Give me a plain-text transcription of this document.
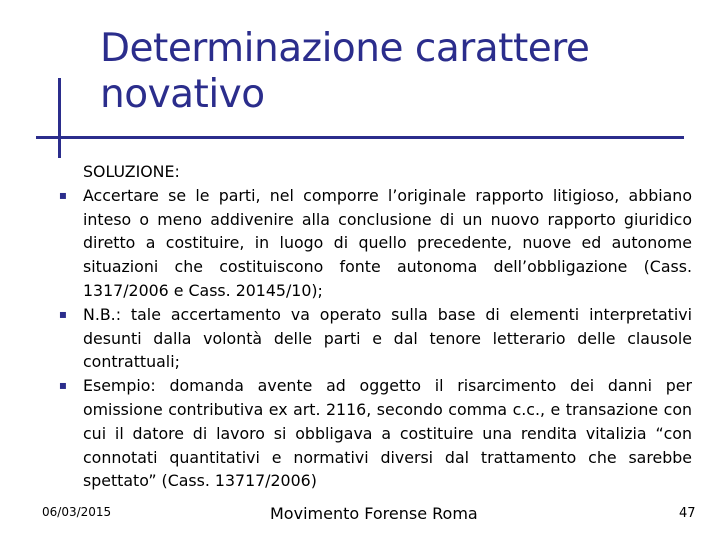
Determinazione carattere
novativo
SOLUZIONE:
▪ Accertare se le parti, nel comporre l’originale rapporto litigioso, abbiano inteso o meno addivenire alla conclusione di un nuovo rapporto giuridico diretto a costituire, in luogo di quello precedente, nuove ed autonome situazioni che costituiscono fonte autonoma dell’obbligazione (Cass. 1317/2006 e Cass. 20145/10);
▪ N.B.: tale accertamento va operato sulla base di elementi interpretativi desunti dalla volontà delle parti e dal tenore letterario delle clausole contrattuali;
▪ Esempio: domanda avente ad oggetto il risarcimento dei danni per omissione contributiva ex art. 2116, secondo comma c.c., e transazione con cui il datore di lavoro si obbligava a costituire una rendita vitalizia “con connotati quantitativi e normativi diversi dal trattamento che sarebbe spettato” (Cass. 13717/2006)
06/03/2015	Movimento Forense Roma	47
